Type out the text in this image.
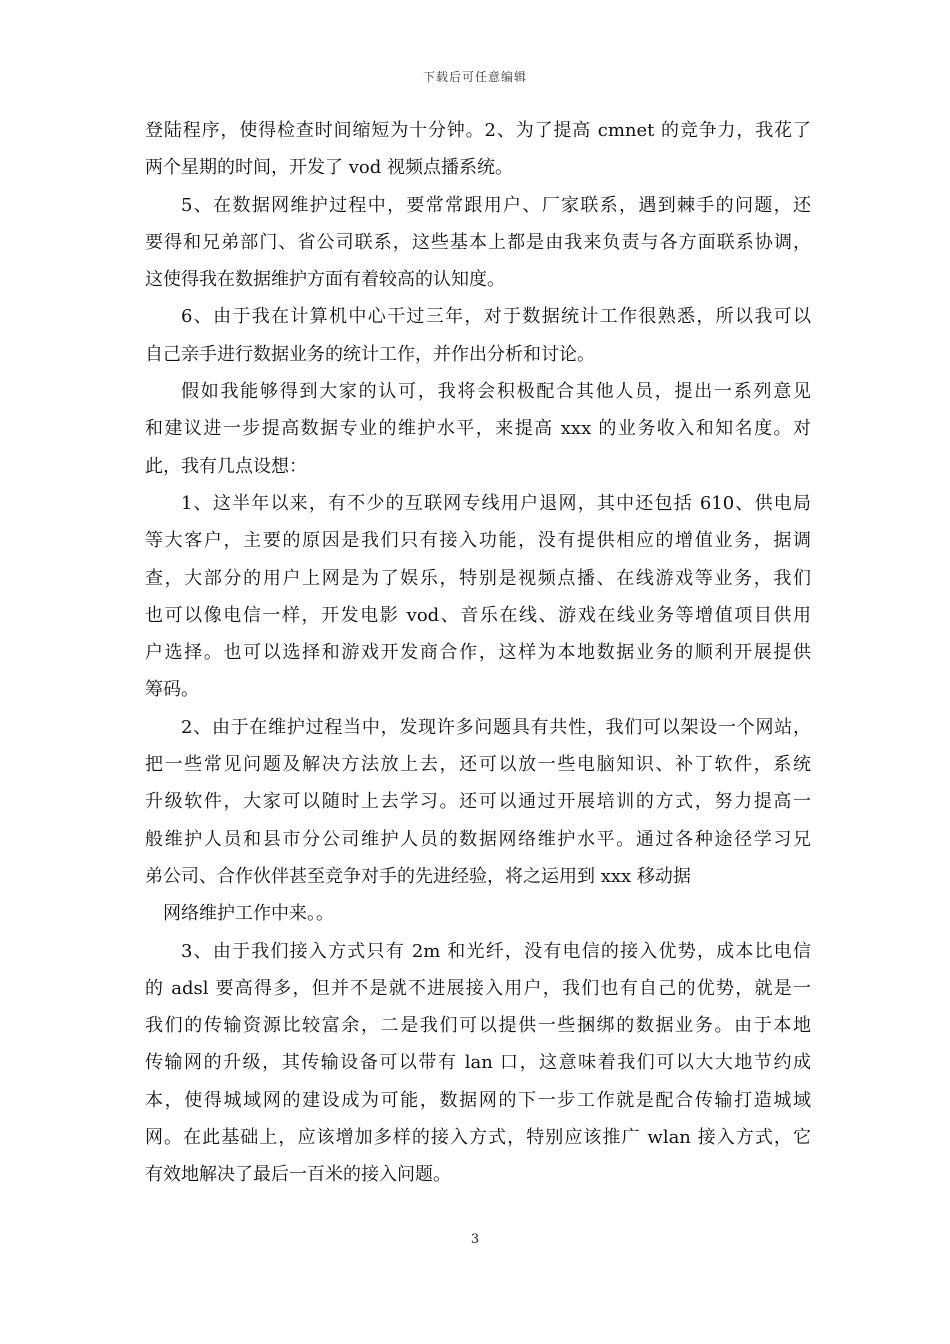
下载后可任意编辑
登陆程序，使得检查时间缩短为十分钟。2、为了提高 cmnet 的竞争力，我花了
两个星期的时间，开发了 vod 视频点播系统。
5、在数据网维护过程中，要常常跟用户、厂家联系，遇到棘手的问题，还
要得和兄弟部门、省公司联系，这些基本上都是由我来负责与各方面联系协调，
这使得我在数据维护方面有着较高的认知度。
6、由于我在计算机中心干过三年，对于数据统计工作很熟悉，所以我可以
自己亲手进行数据业务的统计工作，并作出分析和讨论。
假如我能够得到大家的认可，我将会积极配合其他人员，提出一系列意见
和建议进一步提高数据专业的维护水平，来提高 xxx 的业务收入和知名度。对
此，我有几点设想：
1、这半年以来，有不少的互联网专线用户退网，其中还包括 610、供电局
等大客户，主要的原因是我们只有接入功能，没有提供相应的增值业务，据调
查，大部分的用户上网是为了娱乐，特别是视频点播、在线游戏等业务，我们
也可以像电信一样，开发电影 vod、音乐在线、游戏在线业务等增值项目供用
户选择。也可以选择和游戏开发商合作，这样为本地数据业务的顺利开展提供
筹码。
2、由于在维护过程当中，发现许多问题具有共性，我们可以架设一个网站，
把一些常见问题及解决方法放上去，还可以放一些电脑知识、补丁软件，系统
升级软件，大家可以随时上去学习。还可以通过开展培训的方式，努力提高一
般维护人员和县市分公司维护人员的数据网络维护水平。通过各种途径学习兄
弟公司、合作伙伴甚至竞争对手的先进经验，将之运用到 xxx 移动据
网络维护工作中来。。
3、由于我们接入方式只有 2m 和光纤，没有电信的接入优势，成本比电信
的 adsl 要高得多，但并不是就不进展接入用户，我们也有自己的优势，就是一
我们的传输资源比较富余，二是我们可以提供一些捆绑的数据业务。由于本地
传输网的升级，其传输设备可以带有 lan 口，这意味着我们可以大大地节约成
本，使得城域网的建设成为可能，数据网的下一步工作就是配合传输打造城域
网。在此基础上，应该增加多样的接入方式，特别应该推广 wlan 接入方式，它
有效地解决了最后一百米的接入问题。
3
